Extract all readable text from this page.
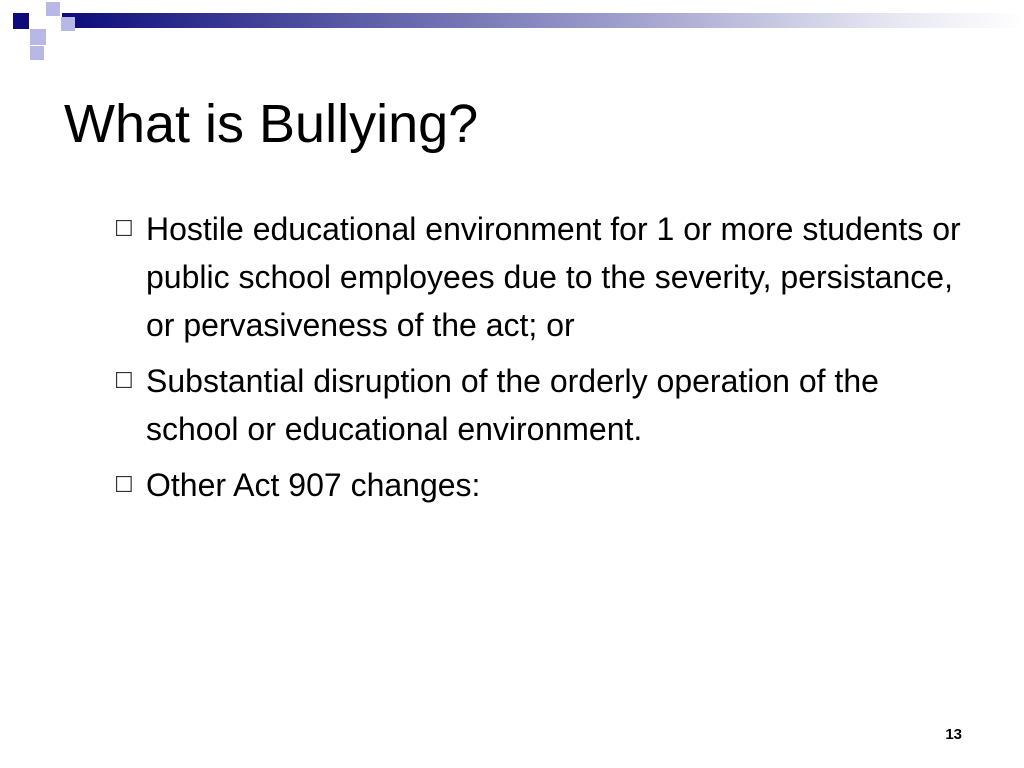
What is Bullying?
☐ Hostile educational environment for 1 or more students or public school employees due to the severity, persistance, or pervasiveness of the act; or
☐ Substantial disruption of the orderly operation of the school or educational environment.
☐ Other Act 907 changes:
13
